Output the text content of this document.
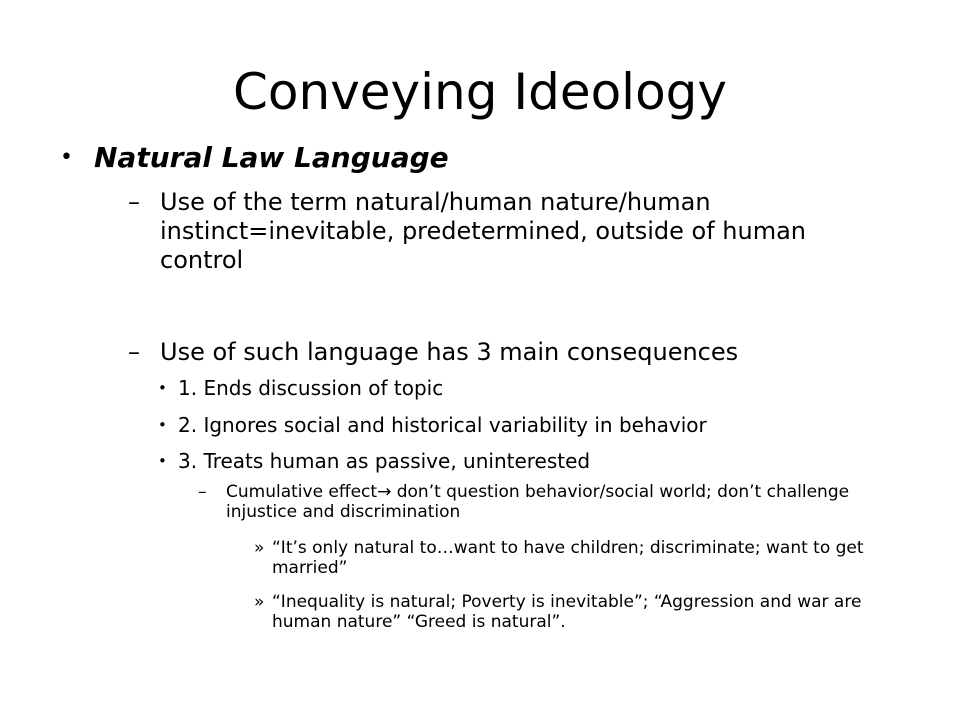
Conveying Ideology
• Natural Law Language
– Use of the term natural/human nature/human instinct=inevitable, predetermined, outside of human control
– Use of such language has 3 main consequences
• 1. Ends discussion of topic
• 2. Ignores social and historical variability in behavior
• 3. Treats human as passive, uninterested
–	Cumulative effect→ don’t question behavior/social world; don’t challenge injustice and discrimination
» “It’s only natural to…want to have children; discriminate; want to get married”
» “Inequality is natural; Poverty is inevitable”; “Aggression and war are human nature” “Greed is natural”.
